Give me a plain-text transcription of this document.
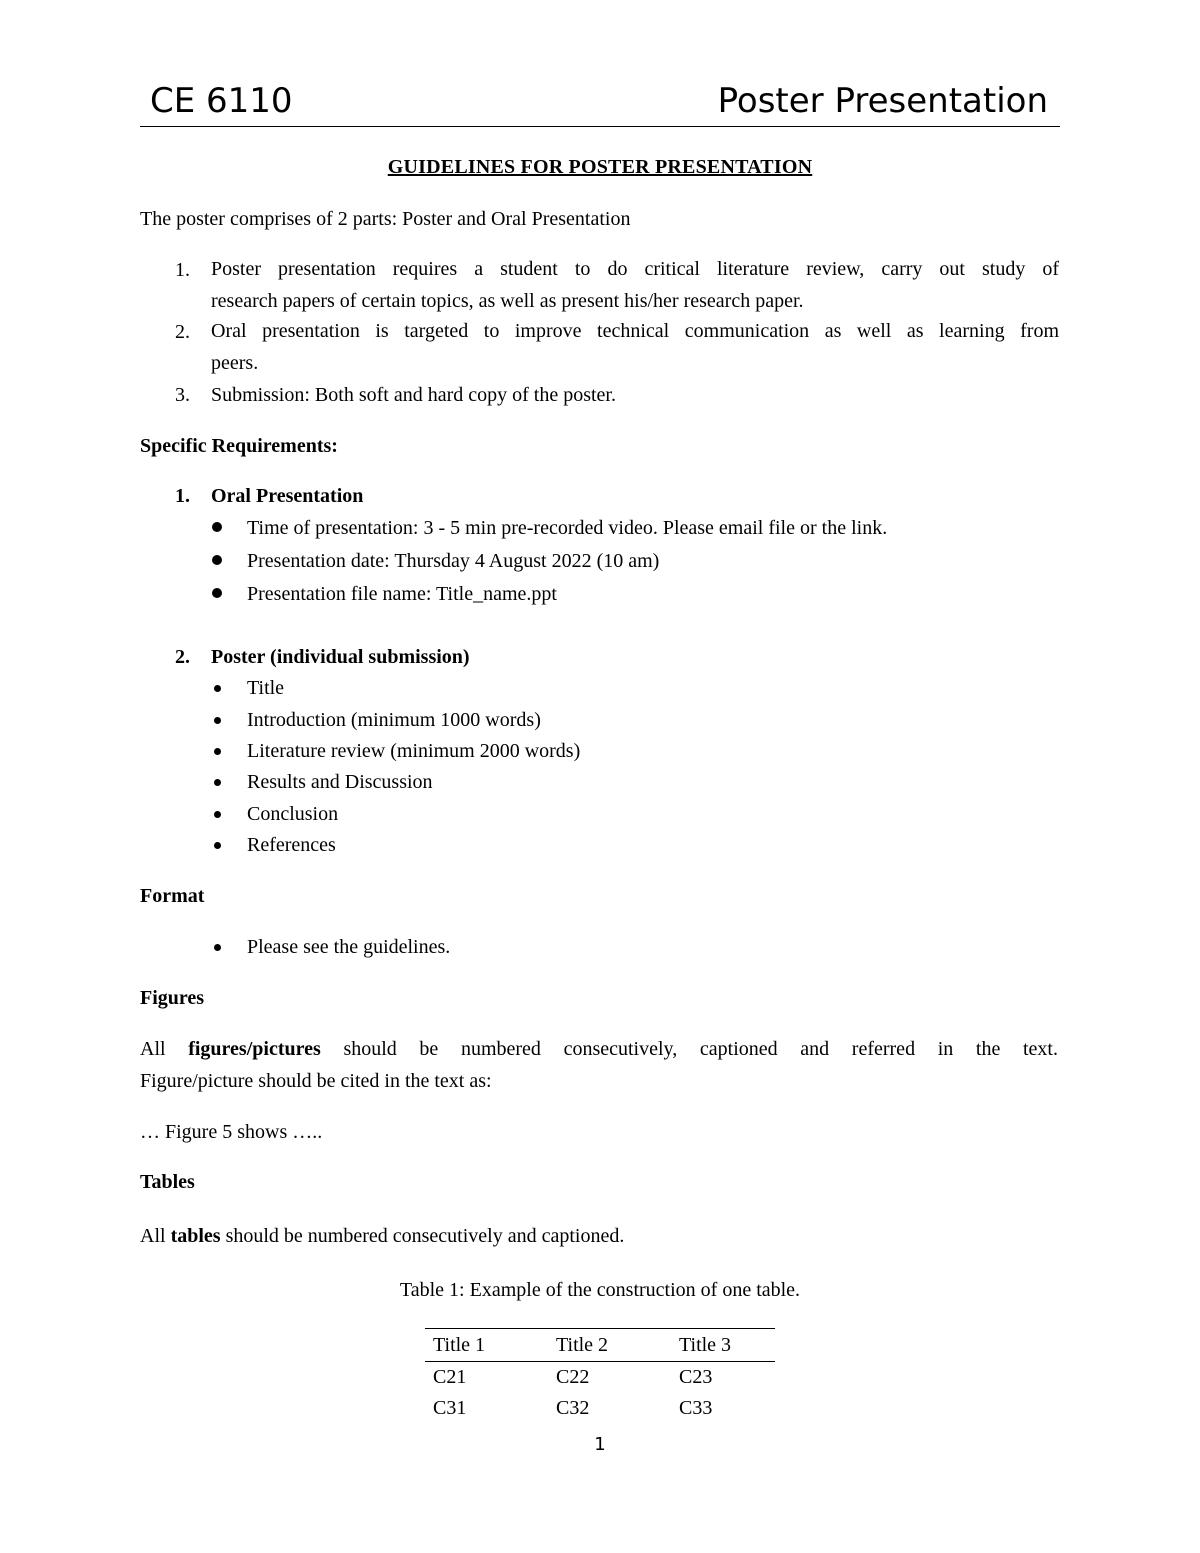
CE 6110	Poster Presentation
GUIDELINES FOR POSTER PRESENTATION
The poster comprises of 2 parts: Poster and Oral Presentation
1. Poster presentation requires a student to do critical literature review, carry out study of
research papers of certain topics, as well as present his/her research paper.
2. Oral presentation is targeted to improve technical communication as well as learning from
peers.
3. Submission: Both soft and hard copy of the poster.
Specific Requirements:
1. Oral Presentation
Time of presentation: 3 - 5 min pre-recorded video. Please email file or the link.
Presentation date: Thursday 4 August 2022 (10 am)
Presentation file name: Title_name.ppt
2. Poster (individual submission)
Title
Introduction (minimum 1000 words)
Literature review (minimum 2000 words)
Results and Discussion
Conclusion
References
Format
Please see the guidelines.
Figures
All figures/pictures should be numbered consecutively, captioned and referred in the text.
Figure/picture should be cited in the text as:
… Figure 5 shows …..
Tables
All tables should be numbered consecutively and captioned.
Table 1: Example of the construction of one table.
Title 1	Title 2	Title 3
C21	C22	C23
C31	C32	C33
1
